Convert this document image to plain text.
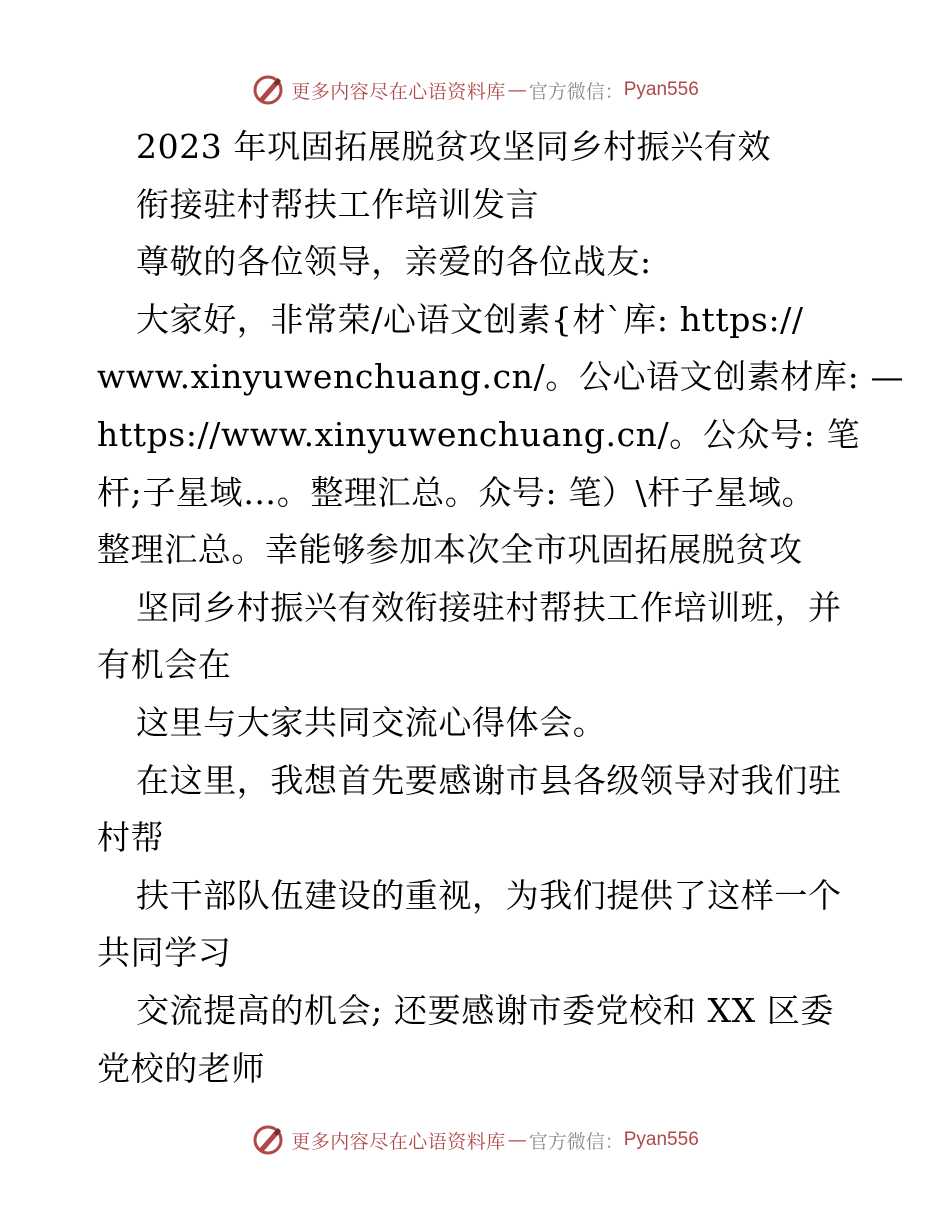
更多内容尽在心语资料库 — 官方微信： Pyan556
2023 年巩固拓展脱贫攻坚同乡村振兴有效
衔接驻村帮扶工作培训发言
尊敬的各位领导，亲爱的各位战友:
大家好，非常荣/心语文创素{材`库: https://
www.xinyuwenchuang.cn/。公心语文创素材库: —
https://www.xinyuwenchuang.cn/。公众号: 笔
杆;子星域…。整理汇总。众号: 笔）\杆子星域。
整理汇总。幸能够参加本次全市巩固拓展脱贫攻
坚同乡村振兴有效衔接驻村帮扶工作培训班，并
有机会在
这里与大家共同交流心得体会。
在这里，我想首先要感谢市县各级领导对我们驻
村帮
扶干部队伍建设的重视，为我们提供了这样一个
共同学习
交流提高的机会; 还要感谢市委党校和 XX 区委
党校的老师
更多内容尽在心语资料库 — 官方微信： Pyan556
